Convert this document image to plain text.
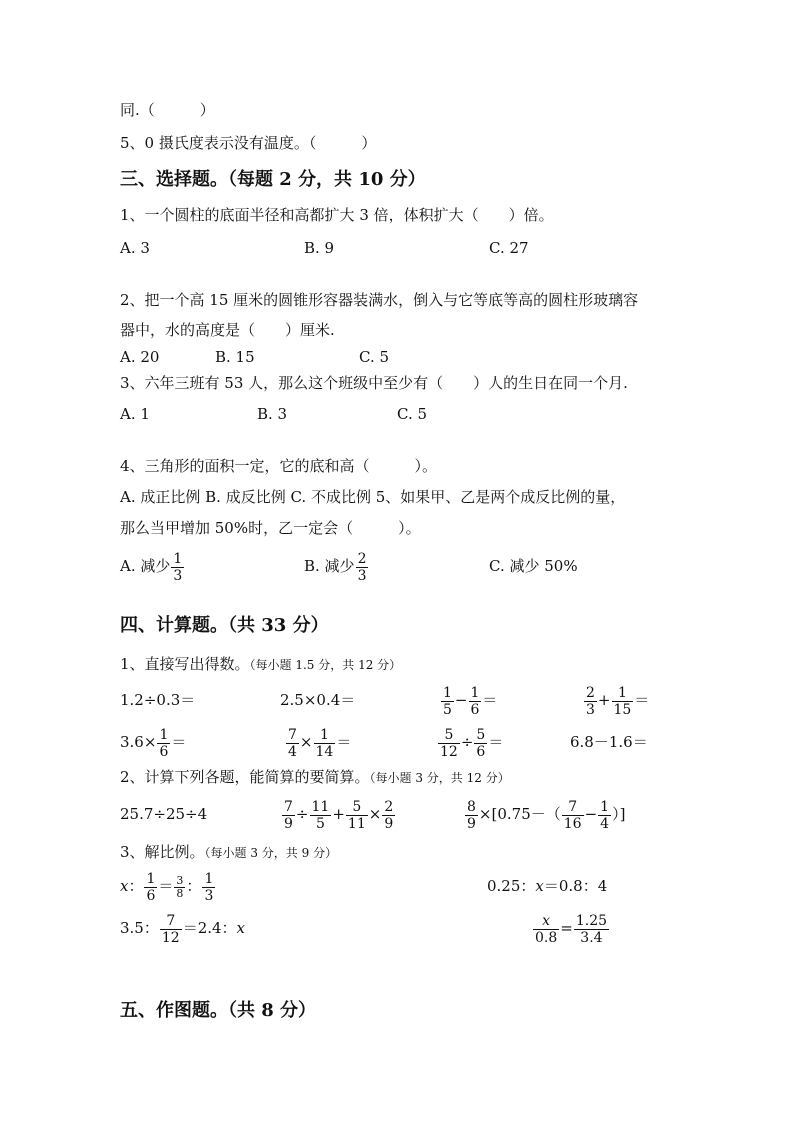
同.（　　　）
5、0 摄氏度表示没有温度。（　　　）
三、选择题。（每题 2 分，共 10 分）
1、一个圆柱的底面半径和高都扩大 3 倍，体积扩大（　　）倍。
A. 3	B. 9	C. 27
2、把一个高 15 厘米的圆锥形容器装满水，倒入与它等底等高的圆柱形玻璃容
器中，水的高度是（　　）厘米.
A. 20	B. 15	C. 5
3、六年三班有 53 人，那么这个班级中至少有（　　）人的生日在同一个月.
A. 1	B. 3	C. 5
4、三角形的面积一定，它的底和高（　　　）。
A. 成正比例 B. 成反比例 C. 不成比例 5、如果甲、乙是两个成反比例的量，
那么当甲增加 50%时，乙一定会（　　　）。
A. 减少 $\frac{1}{3}$	B. 减少 $\frac{2}{3}$	C. 减少 50%
四、计算题。（共 33 分）
1、直接写出得数。（每小题 1.5 分，共 12 分）
1.2÷0.3＝	2.5×0.4＝	$\frac{1}{5} - \frac{1}{6}$ ＝	$\frac{2}{3} + \frac{1}{15}$ ＝
$3.6\times \frac{1}{6}$ ＝	$\frac{7}{4} \times \frac{1}{14}$ ＝	$\frac{5}{12} \div \frac{5}{6}$ ＝	6.8－1.6＝
2、计算下列各题，能简算的要简算。（每小题 3 分，共 12 分）
25.7÷25÷4	$\frac{7}{9} \div \frac{11}{5} + \frac{5}{11} \times \frac{2}{9}$	$\frac{8}{9} \times[0.75-( \frac{7}{16} - \frac{1}{4}$ ）]
3、解比例。（每小题 3 分，共 9 分）
x： $\frac{1}{6} = \frac{3}{8}$ ： $\frac{1}{3}$	0.25：x＝0.8：4
3.5： $\frac{7}{12} =2.4$：x	$\frac{x}{0.8} = \frac{1.25}{3.4}$
五、作图题。（共 8 分）
